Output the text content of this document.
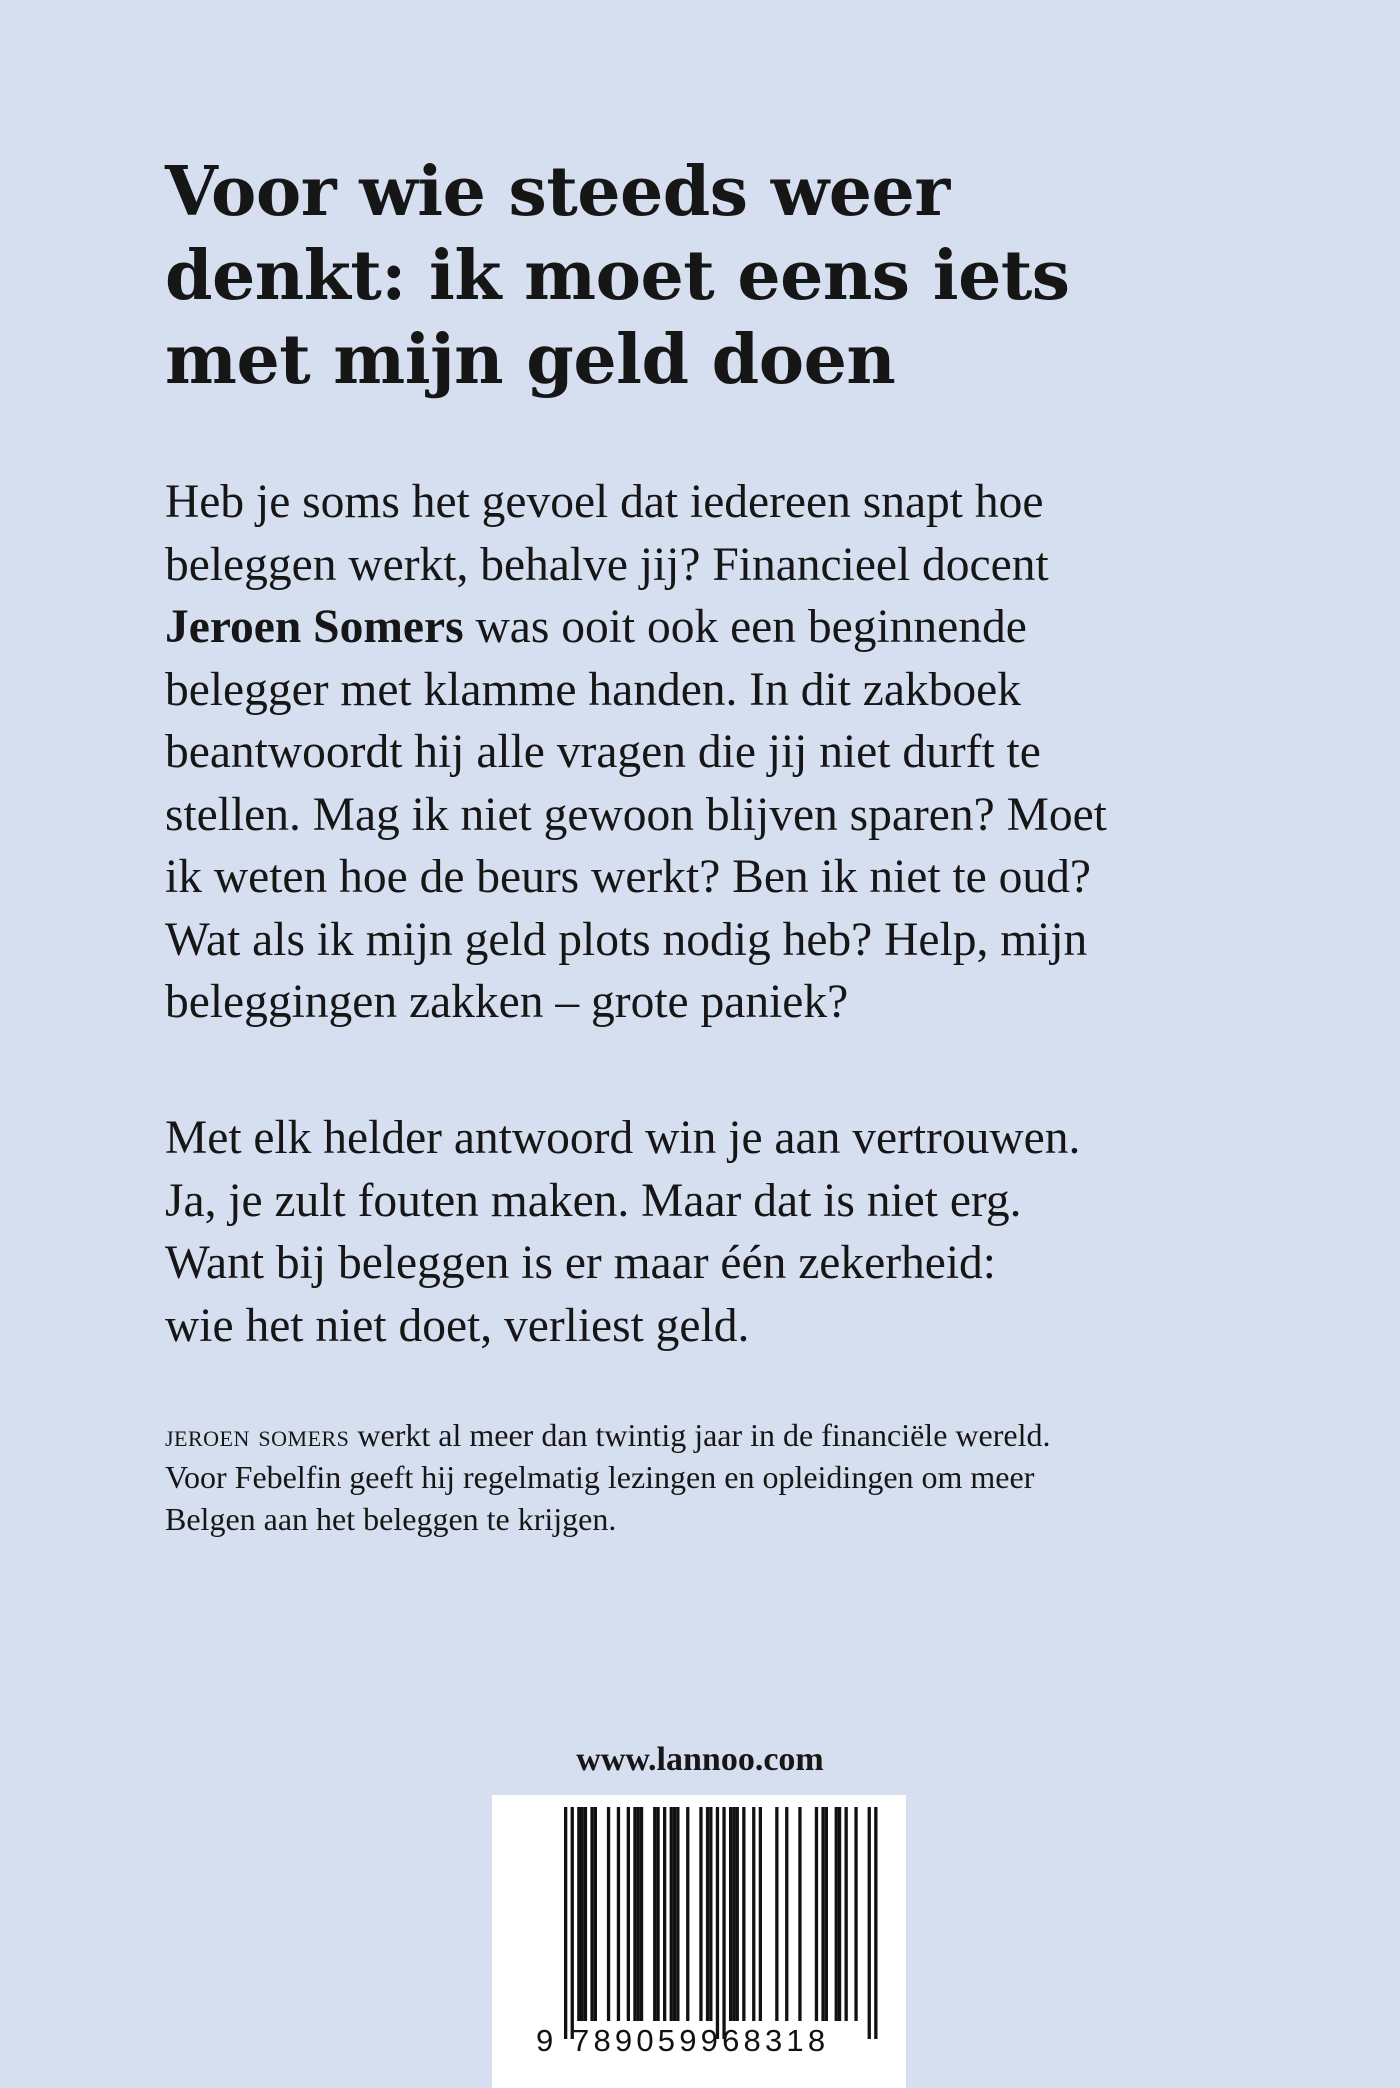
Voor wie steeds weer
denkt: ik moet eens iets
met mijn geld doen
Heb je soms het gevoel dat iedereen snapt hoe
beleggen werkt, behalve jij? Financieel docent
Jeroen Somers was ooit ook een beginnende
belegger met klamme handen. In dit zakboek
beantwoordt hij alle vragen die jij niet durft te
stellen. Mag ik niet gewoon blijven sparen? Moet
ik weten hoe de beurs werkt? Ben ik niet te oud?
Wat als ik mijn geld plots nodig heb? Help, mijn
beleggingen zakken – grote paniek?
Met elk helder antwoord win je aan vertrouwen.
Ja, je zult fouten maken. Maar dat is niet erg.
Want bij beleggen is er maar één zekerheid:
wie het niet doet, verliest geld.
jeroen somers werkt al meer dan twintig jaar in de financiële wereld.
Voor Febelfin geeft hij regelmatig lezingen en opleidingen om meer
Belgen aan het beleggen te krijgen.
www.lannoo.com
9 789059968318
